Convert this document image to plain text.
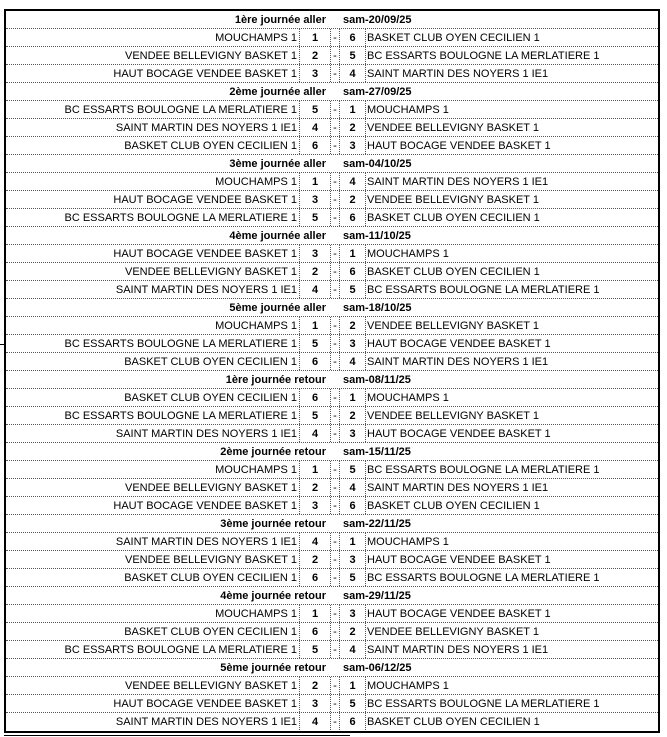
1ère journée aller sam-20/09/25
MOUCHAMPS 1	1	-	6	BASKET CLUB OYEN CECILIEN 1
VENDEE BELLEVIGNY BASKET 1	2	-	5	BC ESSARTS BOULOGNE LA MERLATIERE 1
HAUT BOCAGE VENDEE BASKET 1	3	-	4	SAINT MARTIN DES NOYERS 1 IE1
2ème journée aller sam-27/09/25
BC ESSARTS BOULOGNE LA MERLATIERE 1	5	-	1	MOUCHAMPS 1
SAINT MARTIN DES NOYERS 1 IE1	4	-	2	VENDEE BELLEVIGNY BASKET 1
BASKET CLUB OYEN CECILIEN 1	6	-	3	HAUT BOCAGE VENDEE BASKET 1
3ème journée aller sam-04/10/25
MOUCHAMPS 1	1	-	4	SAINT MARTIN DES NOYERS 1 IE1
HAUT BOCAGE VENDEE BASKET 1	3	-	2	VENDEE BELLEVIGNY BASKET 1
BC ESSARTS BOULOGNE LA MERLATIERE 1	5	-	6	BASKET CLUB OYEN CECILIEN 1
4ème journée aller sam-11/10/25
HAUT BOCAGE VENDEE BASKET 1	3	-	1	MOUCHAMPS 1
VENDEE BELLEVIGNY BASKET 1	2	-	6	BASKET CLUB OYEN CECILIEN 1
SAINT MARTIN DES NOYERS 1 IE1	4	-	5	BC ESSARTS BOULOGNE LA MERLATIERE 1
5ème journée aller sam-18/10/25
MOUCHAMPS 1	1	-	2	VENDEE BELLEVIGNY BASKET 1
BC ESSARTS BOULOGNE LA MERLATIERE 1	5	-	3	HAUT BOCAGE VENDEE BASKET 1
BASKET CLUB OYEN CECILIEN 1	6	-	4	SAINT MARTIN DES NOYERS 1 IE1
1ère journée retour sam-08/11/25
BASKET CLUB OYEN CECILIEN 1	6	-	1	MOUCHAMPS 1
BC ESSARTS BOULOGNE LA MERLATIERE 1	5	-	2	VENDEE BELLEVIGNY BASKET 1
SAINT MARTIN DES NOYERS 1 IE1	4	-	3	HAUT BOCAGE VENDEE BASKET 1
2ème journée retour sam-15/11/25
MOUCHAMPS 1	1	-	5	BC ESSARTS BOULOGNE LA MERLATIERE 1
VENDEE BELLEVIGNY BASKET 1	2	-	4	SAINT MARTIN DES NOYERS 1 IE1
HAUT BOCAGE VENDEE BASKET 1	3	-	6	BASKET CLUB OYEN CECILIEN 1
3ème journée retour sam-22/11/25
SAINT MARTIN DES NOYERS 1 IE1	4	-	1	MOUCHAMPS 1
VENDEE BELLEVIGNY BASKET 1	2	-	3	HAUT BOCAGE VENDEE BASKET 1
BASKET CLUB OYEN CECILIEN 1	6	-	5	BC ESSARTS BOULOGNE LA MERLATIERE 1
4ème journée retour sam-29/11/25
MOUCHAMPS 1	1	-	3	HAUT BOCAGE VENDEE BASKET 1
BASKET CLUB OYEN CECILIEN 1	6	-	2	VENDEE BELLEVIGNY BASKET 1
BC ESSARTS BOULOGNE LA MERLATIERE 1	5	-	4	SAINT MARTIN DES NOYERS 1 IE1
5ème journée retour sam-06/12/25
VENDEE BELLEVIGNY BASKET 1	2	-	1	MOUCHAMPS 1
HAUT BOCAGE VENDEE BASKET 1	3	-	5	BC ESSARTS BOULOGNE LA MERLATIERE 1
SAINT MARTIN DES NOYERS 1 IE1	4	-	6	BASKET CLUB OYEN CECILIEN 1
